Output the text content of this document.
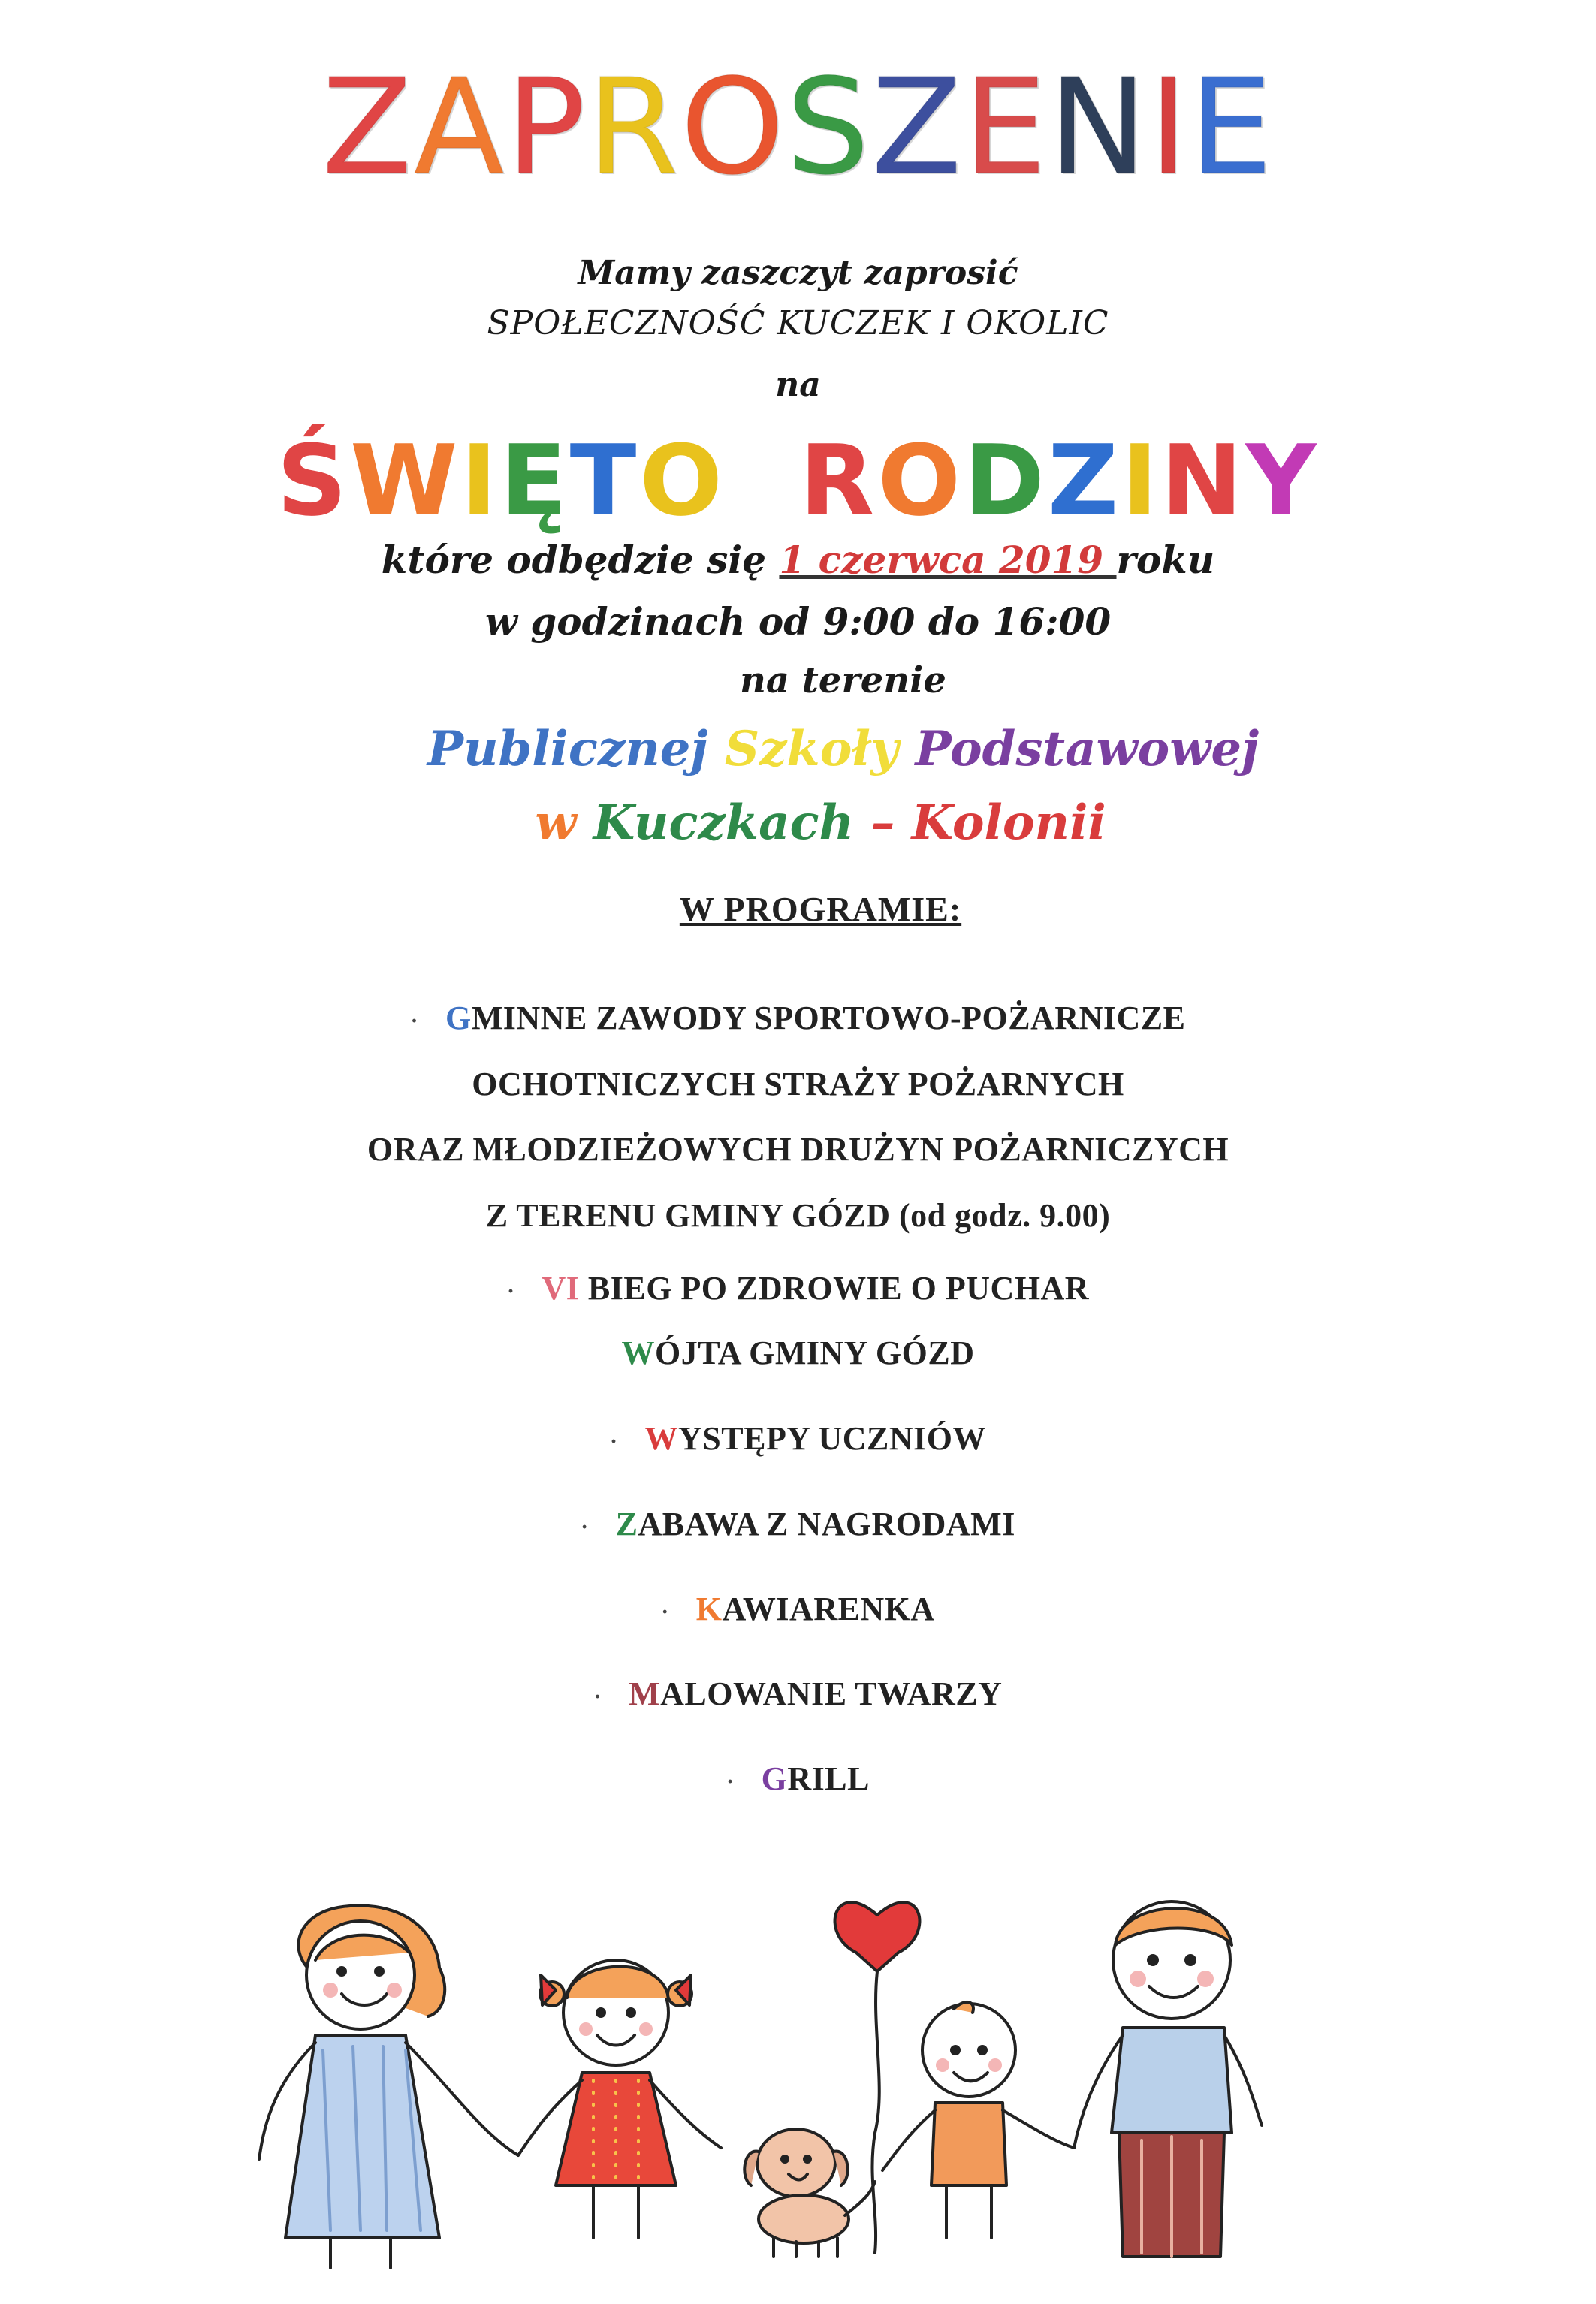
ZAPROSZENIE
Mamy zaszczyt zaprosić
SPOŁECZNOŚĆ KUCZEK I OKOLIC
na
ŚWIĘTO RODZINY
które odbędzie się 1 czerwca 2019 roku
w godzinach od 9:00 do 16:00
na terenie
Publicznej Szkoły Podstawowej
w Kuczkach – Kolonii
W PROGRAMIE:
· GMINNE ZAWODY SPORTOWO-POŻARNICZE
OCHOTNICZYCH STRAŻY POŻARNYCH
ORAZ MŁODZIEŻOWYCH DRUŻYN POŻARNICZYCH
Z TERENU GMINY GÓZD (od godz. 9.00)
· VI BIEG PO ZDROWIE O PUCHAR
WÓJTA GMINY GÓZD
· WYSTĘPY UCZNIÓW
· ZABAWA Z NAGRODAMI
· KAWIARENKA
· MALOWANIE TWARZY
· GRILL
